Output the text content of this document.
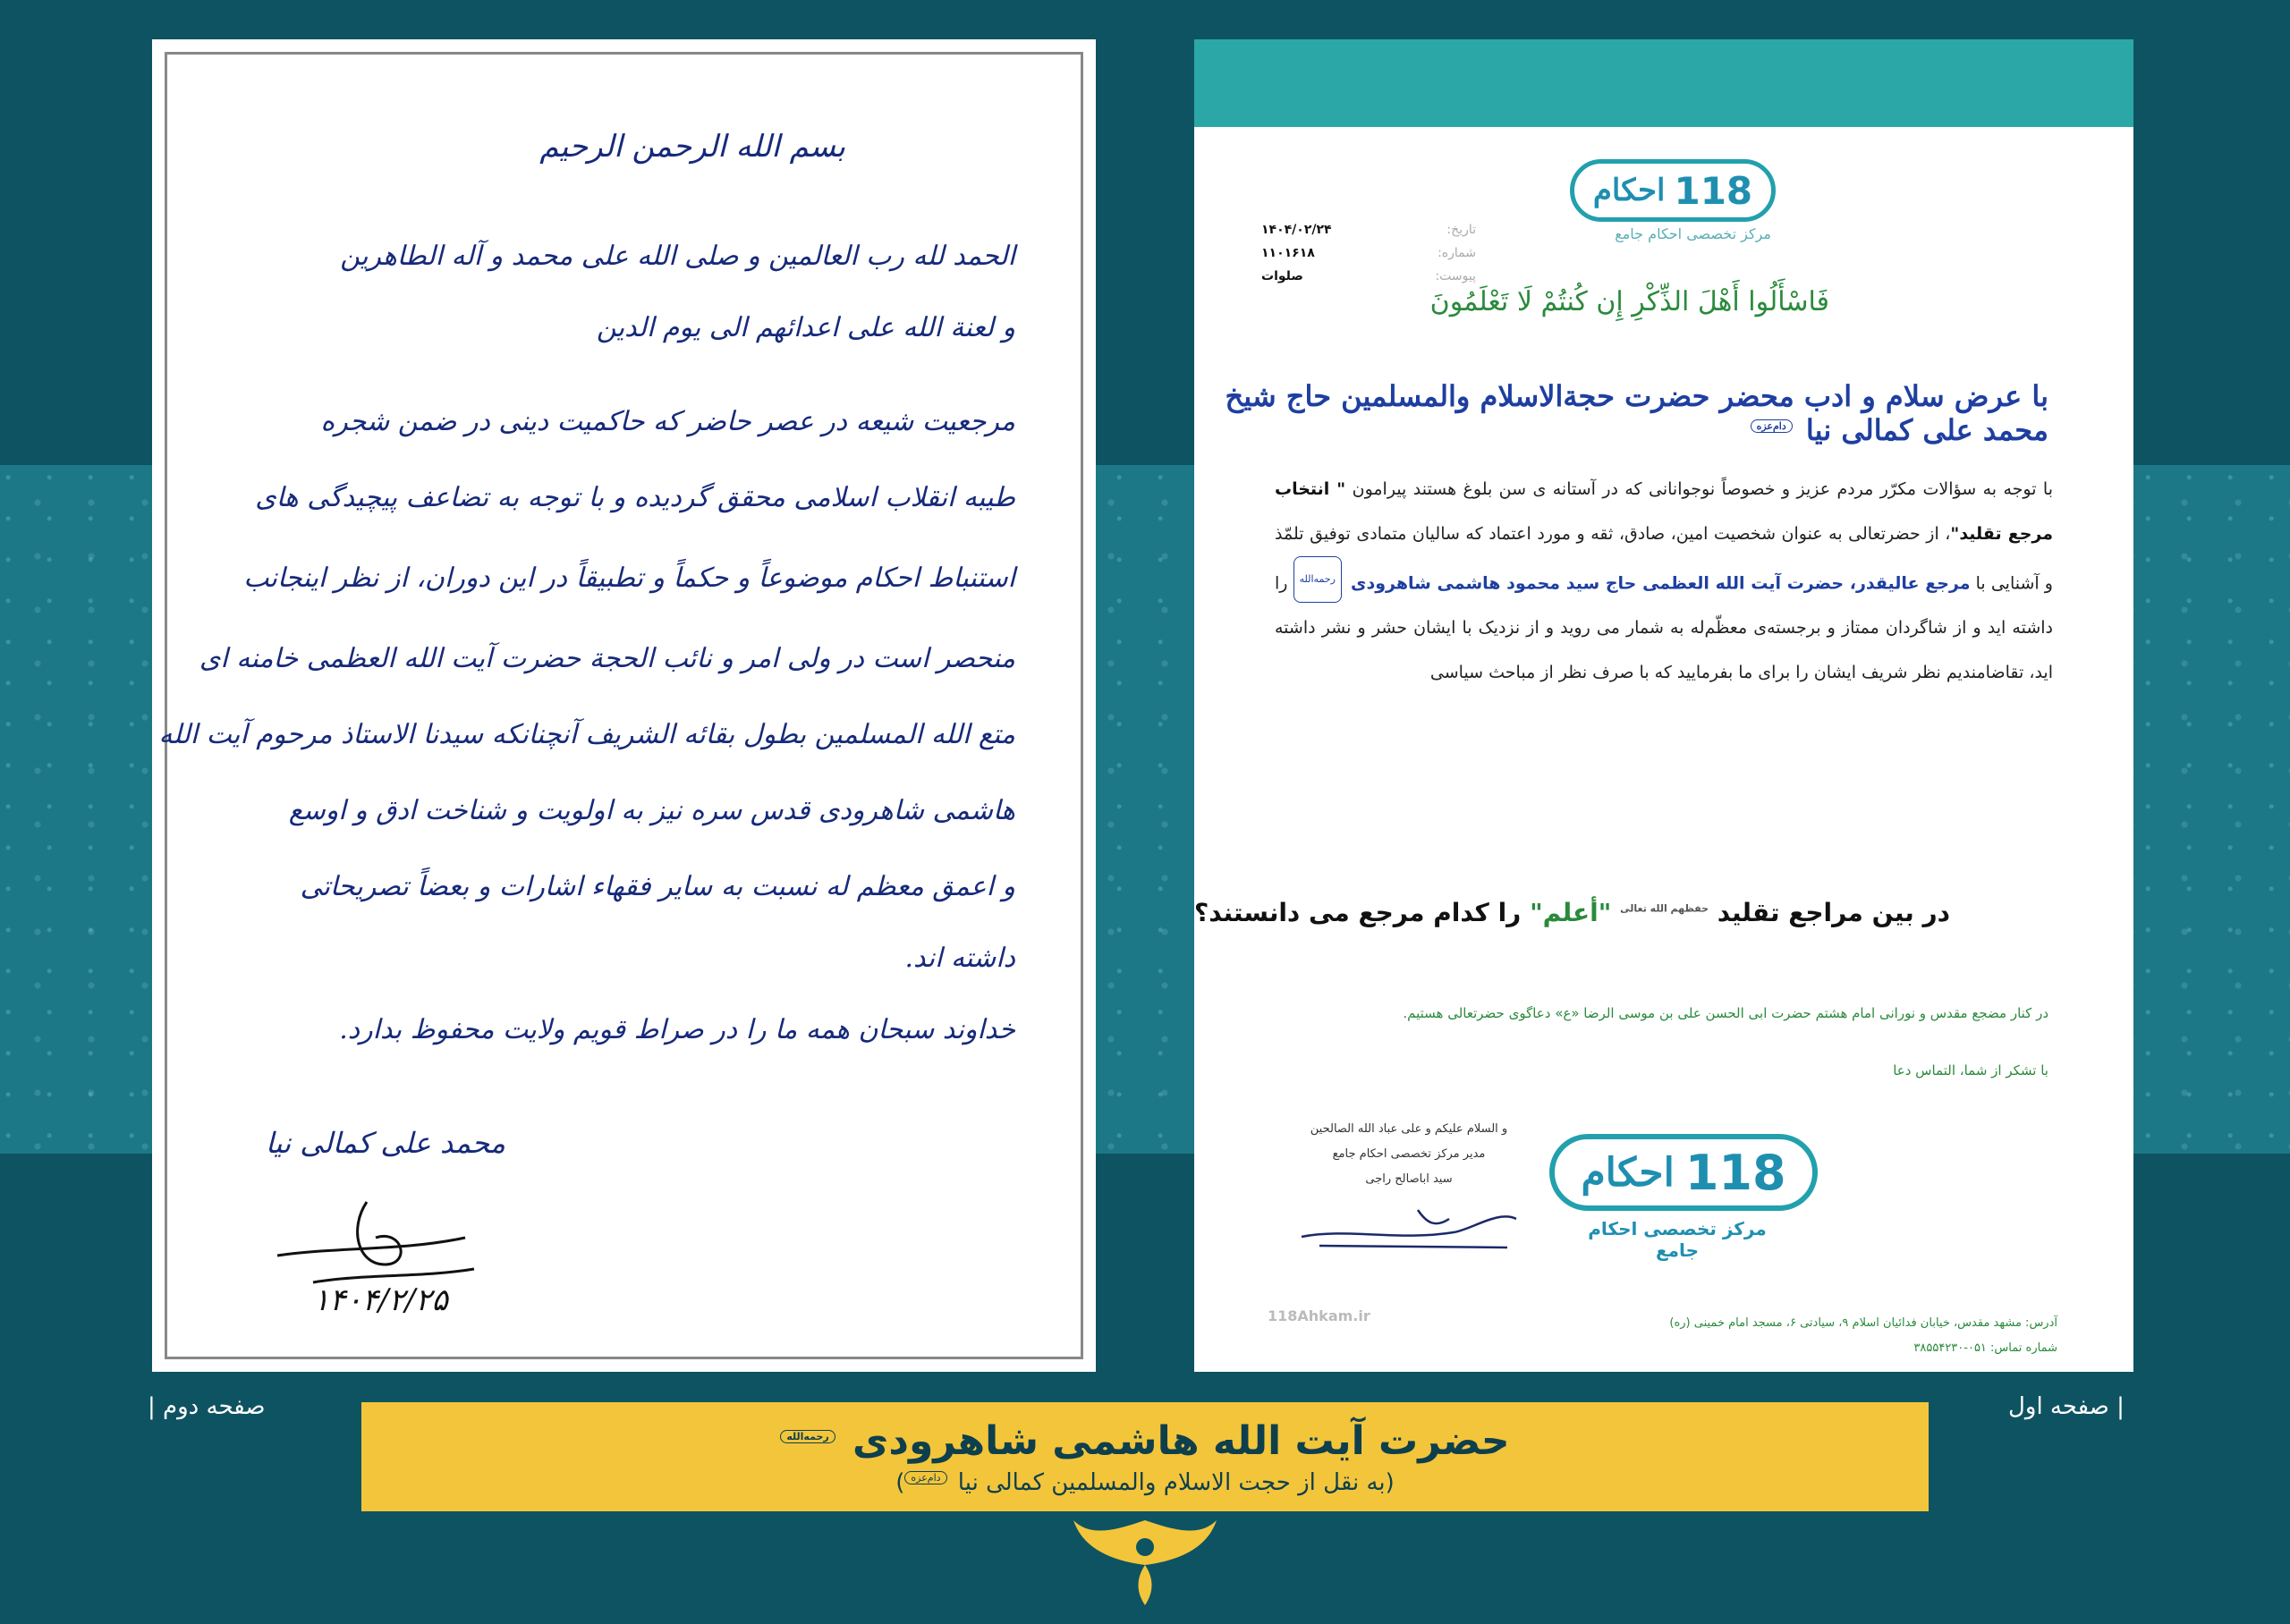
احکام 118
مرکز تخصصی احکام جامع
تاریخ:
۱۴۰۴/۰۲/۲۴
شماره:
۱۱۰۱۶۱۸
پیوست:
صلوات
فَاسْأَلُوا أَهْلَ الذِّكْرِ إِن كُنتُمْ لَا تَعْلَمُونَ
با عرض سلام و ادب محضر حضرت حجة‌الاسلام والمسلمین حاج شیخ محمد علی کمالی نیا دام‌عزه
با توجه به سؤالات مکرّر مردم عزیز و خصوصاً نوجوانانی که در آستانه ی سن بلوغ هستند پیرامون " انتخاب مرجع تقلید"، از حضرتعالی به عنوان شخصیت امین، صادق، ثقه و مورد اعتماد که سالیان متمادی توفیق تلمّذ و آشنایی با مرجع عالیقدر، حضرت آیت الله العظمی حاج سید محمود هاشمی شاهرودی رحمه‌الله را داشته اید و از شاگردان ممتاز و برجسته‌ی معظّم‌له به شمار می روید و از نزدیک با ایشان حشر و نشر داشته اید، تقاضامندیم نظر شریف ایشان را برای ما بفرمایید که با صرف نظر از مباحث سیاسی
در بین مراجع تقلید $^{حفظهم الله تعالی}$ "أعلم" را کدام مرجع می دانستند؟
در کنار مضجع مقدس و نورانی امام هشتم حضرت ابی الحسن علی بن موسی الرضا «ع» دعاگوی حضرتعالی هستیم.
با تشکر از شما، التماس دعا
و السلام علیکم و علی عباد الله الصالحین
مدیر مرکز تخصصی احکام جامع
سید اباصالح راجی	احکام 118
مرکز تخصصی احکام جامع
118Ahkam.ir	آدرس: مشهد مقدس، خیابان فدائیان اسلام ۹، سیادتی ۶، مسجد امام خمینی (ره)
شماره تماس: ۰۵۱-۳۸۵۵۴۲۳۰
بسم الله الرحمن الرحیم
الحمد لله رب العالمین و صلی الله علی محمد و آله الطاهرین
و لعنة الله علی اعدائهم الی یوم الدین
مرجعیت شیعه در عصر حاضر که حاکمیت دینی در ضمن شجره
طیبه انقلاب اسلامی محقق گردیده و با توجه به تضاعف پیچیدگی های
استنباط احکام موضوعاً و حکماً و تطبیقاً در این دوران، از نظر اینجانب
منحصر است در ولی امر و نائب الحجة حضرت آیت الله العظمی خامنه ای
متع الله المسلمین بطول بقائه الشریف آنچنانکه سیدنا الاستاذ مرحوم آیت الله
هاشمی شاهرودی قدس سره نیز به اولویت و شناخت ادق و اوسع
و اعمق معظم له نسبت به سایر فقهاء اشارات و بعضاً تصریحاتی
داشته اند.
خداوند سبحان همه ما را در صراط قویم ولایت محفوظ بدارد.
محمد علی کمالی نیا
۱۴۰۴/۲/۲۵
صفحه دوم |	| صفحه اول
حضرت آیت الله هاشمی شاهرودی رحمه‌الله
(به نقل از حجت الاسلام والمسلمین کمالی نیا دام‌عزه)
